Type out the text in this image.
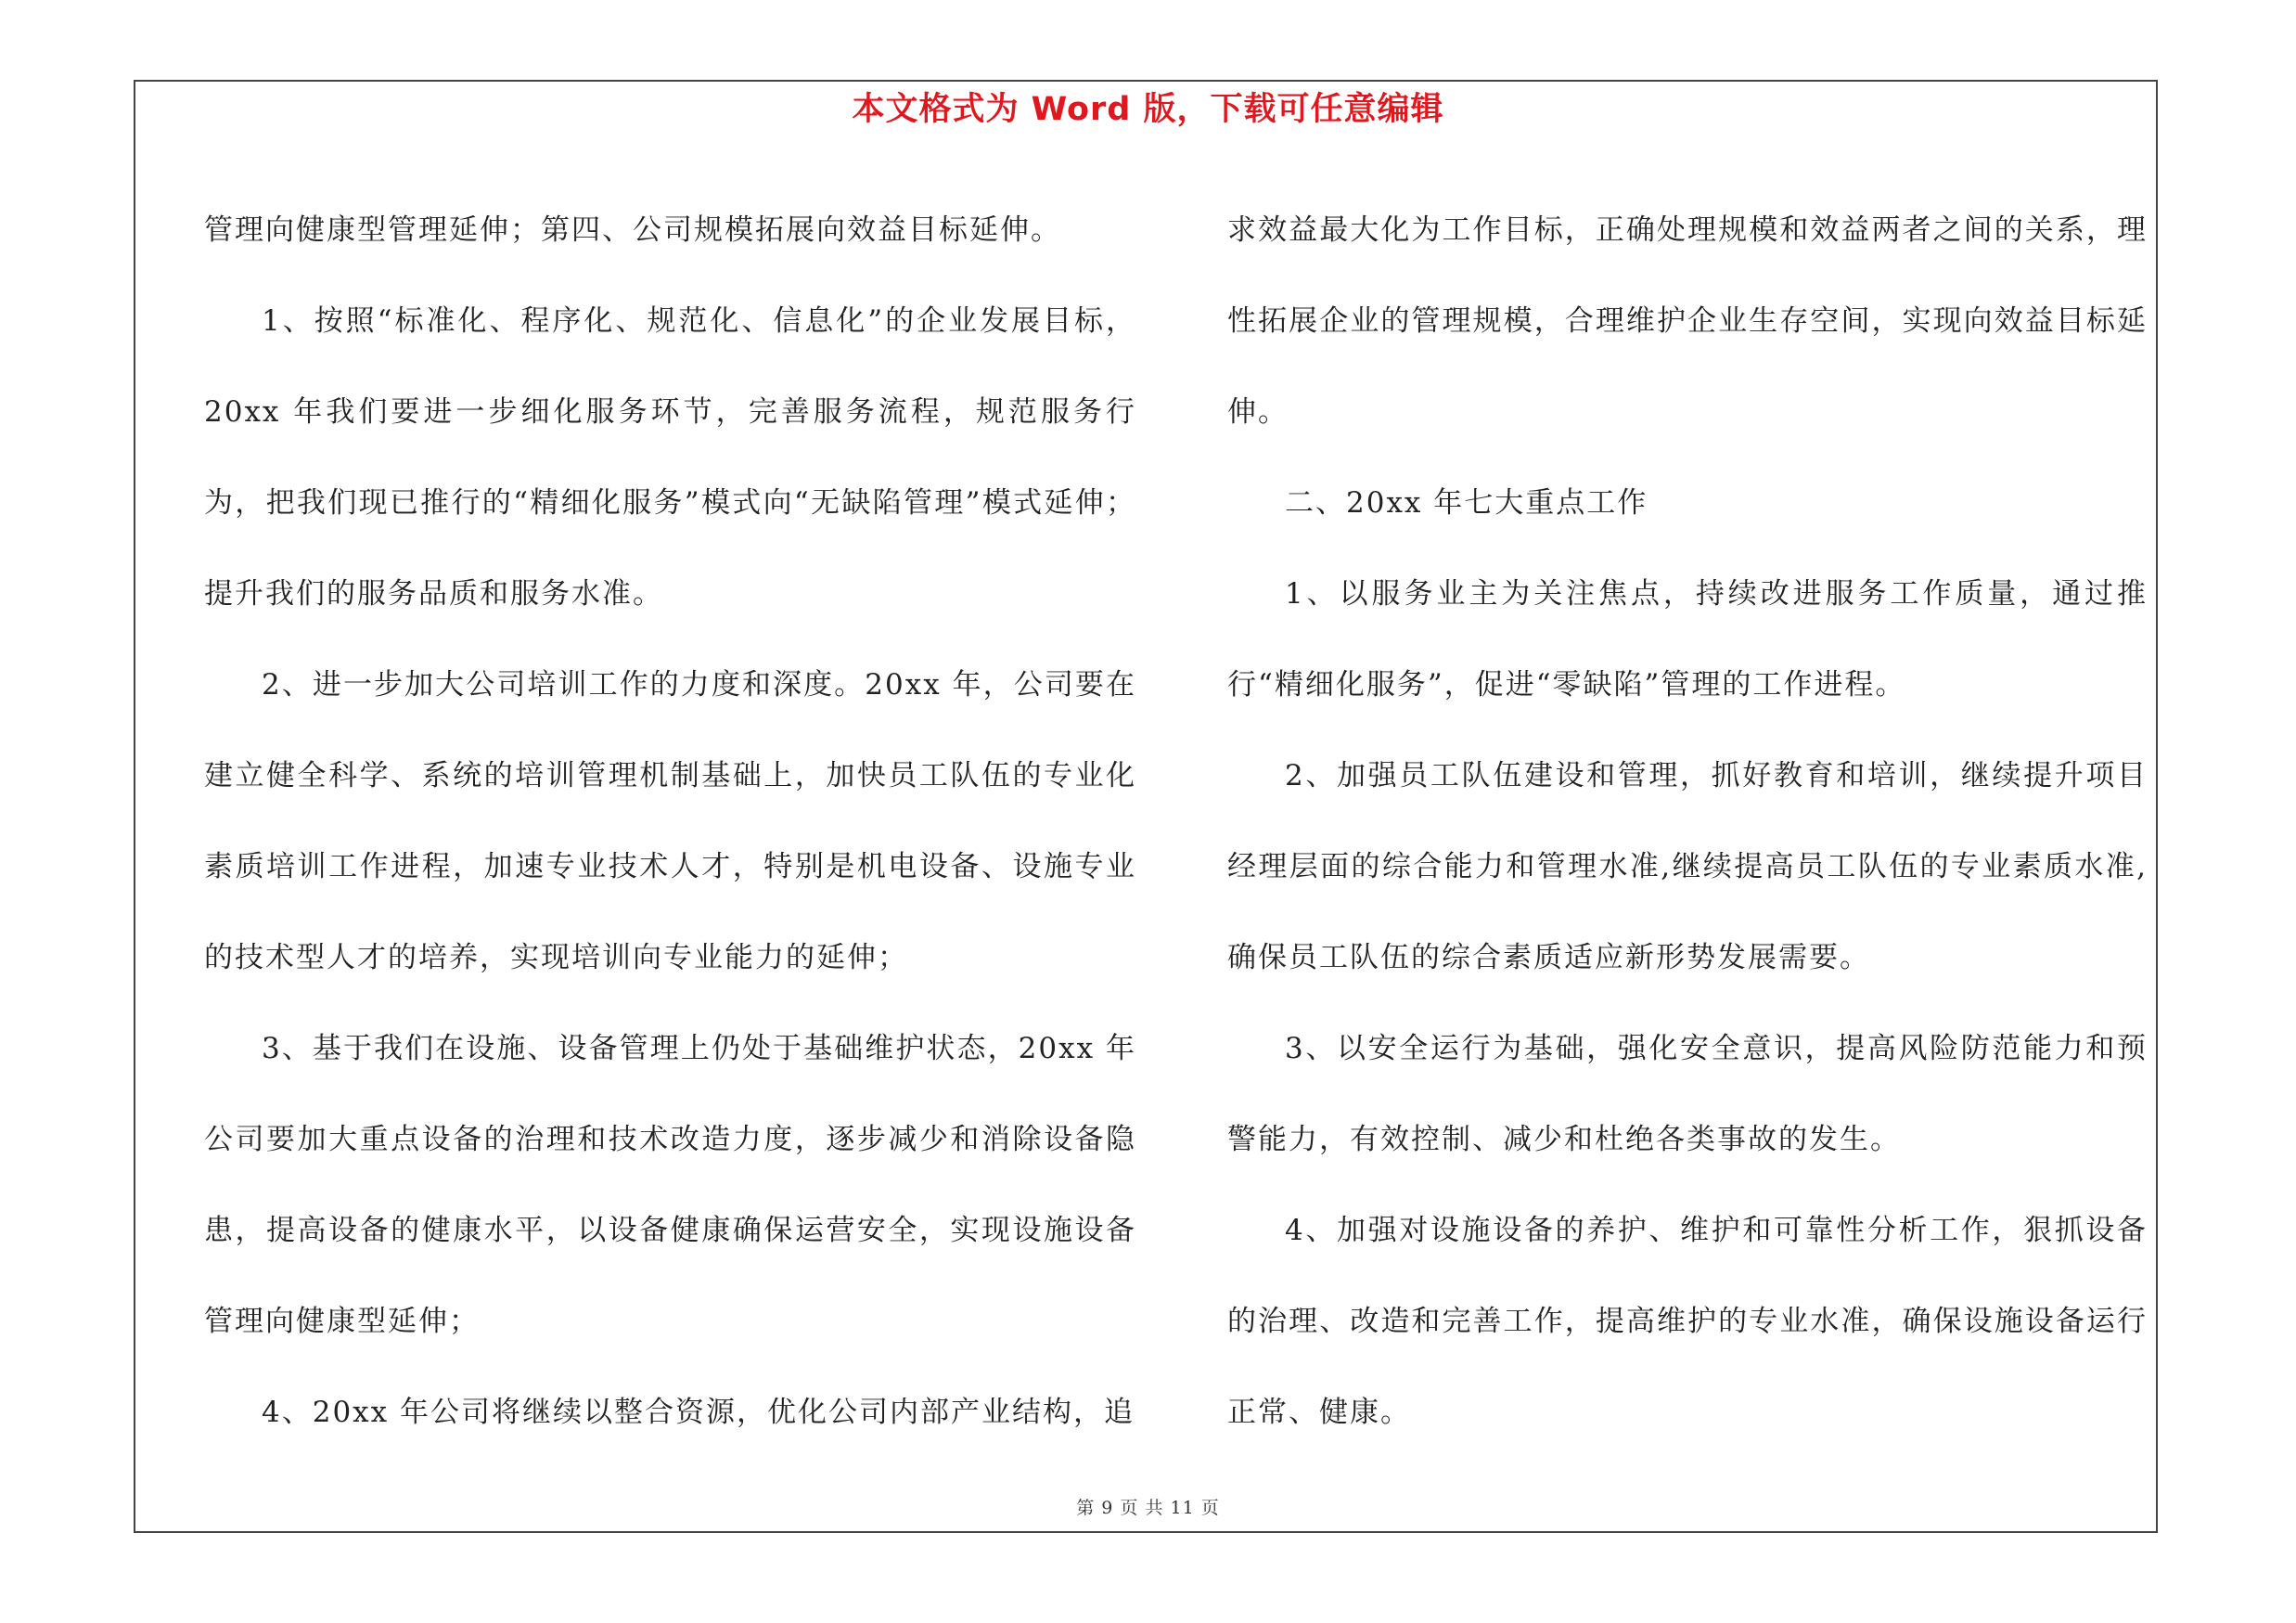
本文格式为 Word 版，下载可任意编辑

管理向健康型管理延伸；第四、公司规模拓展向效益目标延伸。

1、按照“标准化、程序化、规范化、信息化”的企业发展目标，20xx 年我们要进一步细化服务环节，完善服务流程，规范服务行为，把我们现已推行的“精细化服务”模式向“无缺陷管理”模式延伸；提升我们的服务品质和服务水准。

2、进一步加大公司培训工作的力度和深度。20xx 年，公司要在建立健全科学、系统的培训管理机制基础上，加快员工队伍的专业化素质培训工作进程，加速专业技术人才，特别是机电设备、设施专业的技术型人才的培养，实现培训向专业能力的延伸；

3、基于我们在设施、设备管理上仍处于基础维护状态，20xx 年公司要加大重点设备的治理和技术改造力度，逐步减少和消除设备隐患，提高设备的健康水平，以设备健康确保运营安全，实现设施设备管理向健康型延伸；

4、20xx 年公司将继续以整合资源，优化公司内部产业结构，追

求效益最大化为工作目标，正确处理规模和效益两者之间的关系，理性拓展企业的管理规模，合理维护企业生存空间，实现向效益目标延伸。

二、20xx 年七大重点工作

1、以服务业主为关注焦点，持续改进服务工作质量，通过推行“精细化服务”，促进“零缺陷”管理的工作进程。

2、加强员工队伍建设和管理，抓好教育和培训，继续提升项目经理层面的综合能力和管理水准,继续提高员工队伍的专业素质水准,确保员工队伍的综合素质适应新形势发展需要。

3、以安全运行为基础，强化安全意识，提高风险防范能力和预警能力，有效控制、减少和杜绝各类事故的发生。

4、加强对设施设备的养护、维护和可靠性分析工作，狠抓设备的治理、改造和完善工作，提高维护的专业水准，确保设施设备运行正常、健康。

第 9 页 共 11 页
